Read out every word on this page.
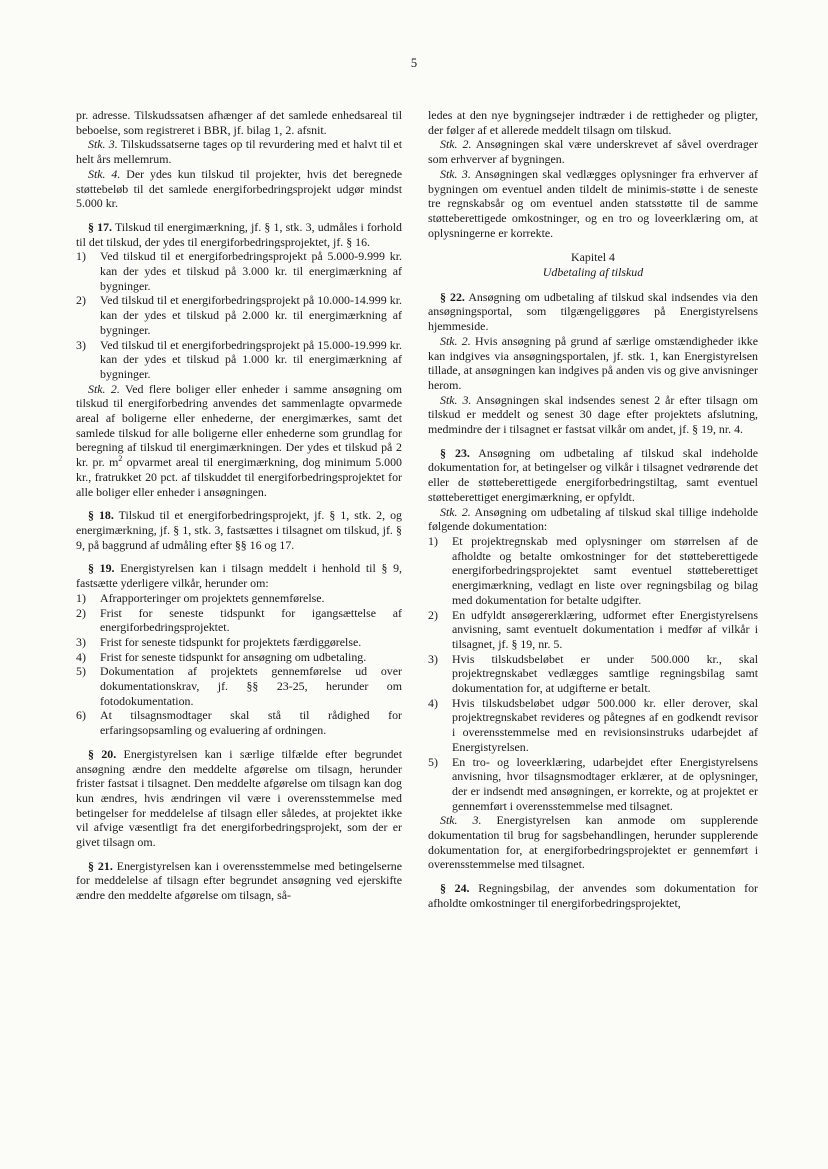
5

pr. adresse. Tilskudssatsen afhænger af det samlede enhedsareal til beboelse, som registreret i BBR, jf. bilag 1, 2. afsnit.

Stk. 3. Tilskudssatserne tages op til revurdering med et halvt til et helt års mellemrum.

Stk. 4. Der ydes kun tilskud til projekter, hvis det beregnede støttebeløb til det samlede energiforbedringsprojekt udgør mindst 5.000 kr.

§ 17. Tilskud til energimærkning, jf. § 1, stk. 3, udmåles i forhold til det tilskud, der ydes til energiforbedringsprojektet, jf. § 16.

1) Ved tilskud til et energiforbedringsprojekt på 5.000-9.999 kr. kan der ydes et tilskud på 3.000 kr. til energimærkning af bygninger.
2) Ved tilskud til et energiforbedringsprojekt på 10.000-14.999 kr. kan der ydes et tilskud på 2.000 kr. til energimærkning af bygninger.
3) Ved tilskud til et energiforbedringsprojekt på 15.000-19.999 kr. kan der ydes et tilskud på 1.000 kr. til energimærkning af bygninger.

Stk. 2. Ved flere boliger eller enheder i samme ansøgning om tilskud til energiforbedring anvendes det sammenlagte opvarmede areal af boligerne eller enhederne, der energimærkes, samt det samlede tilskud for alle boligerne eller enhederne som grundlag for beregning af tilskud til energimærkningen. Der ydes et tilskud på 2 kr. pr. $m^2$ opvarmet areal til energimærkning, dog minimum 5.000 kr., fratrukket 20 pct. af tilskuddet til energiforbedringsprojektet for alle boliger eller enheder i ansøgningen.

§ 18. Tilskud til et energiforbedringsprojekt, jf. § 1, stk. 2, og energimærkning, jf. § 1, stk. 3, fastsættes i tilsagnet om tilskud, jf. § 9, på baggrund af udmåling efter §§ 16 og 17.

§ 19. Energistyrelsen kan i tilsagn meddelt i henhold til § 9, fastsætte yderligere vilkår, herunder om:

1) Afrapporteringer om projektets gennemførelse.
2) Frist for seneste tidspunkt for igangsættelse af energiforbedringsprojektet.
3) Frist for seneste tidspunkt for projektets færdiggørelse.
4) Frist for seneste tidspunkt for ansøgning om udbetaling.
5) Dokumentation af projektets gennemførelse ud over dokumentationskrav, jf. §§ 23-25, herunder om fotodokumentation.
6) At tilsagnsmodtager skal stå til rådighed for erfaringsopsamling og evaluering af ordningen.

§ 20. Energistyrelsen kan i særlige tilfælde efter begrundet ansøgning ændre den meddelte afgørelse om tilsagn, herunder frister fastsat i tilsagnet. Den meddelte afgørelse om tilsagn kan dog kun ændres, hvis ændringen vil være i overensstemmelse med betingelser for meddelelse af tilsagn eller således, at projektet ikke vil afvige væsentligt fra det energiforbedringsprojekt, som der er givet tilsagn om.

§ 21. Energistyrelsen kan i overensstemmelse med betingelserne for meddelelse af tilsagn efter begrundet ansøgning ved ejerskifte ændre den meddelte afgørelse om tilsagn, så-

ledes at den nye bygningsejer indtræder i de rettigheder og pligter, der følger af et allerede meddelt tilsagn om tilskud.

Stk. 2. Ansøgningen skal være underskrevet af såvel overdrager som erhverver af bygningen.

Stk. 3. Ansøgningen skal vedlægges oplysninger fra erhverver af bygningen om eventuel anden tildelt de minimis-støtte i de seneste tre regnskabsår og om eventuel anden statsstøtte til de samme støtteberettigede omkostninger, og en tro og loveerklæring om, at oplysningerne er korrekte.

Kapitel 4

Udbetaling af tilskud

§ 22. Ansøgning om udbetaling af tilskud skal indsendes via den ansøgningsportal, som tilgængeliggøres på Energistyrelsens hjemmeside.

Stk. 2. Hvis ansøgning på grund af særlige omstændigheder ikke kan indgives via ansøgningsportalen, jf. stk. 1, kan Energistyrelsen tillade, at ansøgningen kan indgives på anden vis og give anvisninger herom.

Stk. 3. Ansøgningen skal indsendes senest 2 år efter tilsagn om tilskud er meddelt og senest 30 dage efter projektets afslutning, medmindre der i tilsagnet er fastsat vilkår om andet, jf. § 19, nr. 4.

§ 23. Ansøgning om udbetaling af tilskud skal indeholde dokumentation for, at betingelser og vilkår i tilsagnet vedrørende det eller de støtteberettigede energiforbedringstiltag, samt eventuel støtteberettiget energimærkning, er opfyldt.

Stk. 2. Ansøgning om udbetaling af tilskud skal tillige indeholde følgende dokumentation:

1) Et projektregnskab med oplysninger om størrelsen af de afholdte og betalte omkostninger for det støtteberettigede energiforbedringsprojektet samt eventuel støtteberettiget energimærkning, vedlagt en liste over regningsbilag og bilag med dokumentation for betalte udgifter.
2) En udfyldt ansøgererklæring, udformet efter Energistyrelsens anvisning, samt eventuelt dokumentation i medfør af vilkår i tilsagnet, jf. § 19, nr. 5.
3) Hvis tilskudsbeløbet er under 500.000 kr., skal projektregnskabet vedlægges samtlige regningsbilag samt dokumentation for, at udgifterne er betalt.
4) Hvis tilskudsbeløbet udgør 500.000 kr. eller derover, skal projektregnskabet revideres og påtegnes af en godkendt revisor i overensstemmelse med en revisionsinstruks udarbejdet af Energistyrelsen.
5) En tro- og loveerklæring, udarbejdet efter Energistyrelsens anvisning, hvor tilsagnsmodtager erklærer, at de oplysninger, der er indsendt med ansøgningen, er korrekte, og at projektet er gennemført i overensstemmelse med tilsagnet.

Stk. 3. Energistyrelsen kan anmode om supplerende dokumentation til brug for sagsbehandlingen, herunder supplerende dokumentation for, at energiforbedringsprojektet er gennemført i overensstemmelse med tilsagnet.

§ 24. Regningsbilag, der anvendes som dokumentation for afholdte omkostninger til energiforbedringsprojektet,
